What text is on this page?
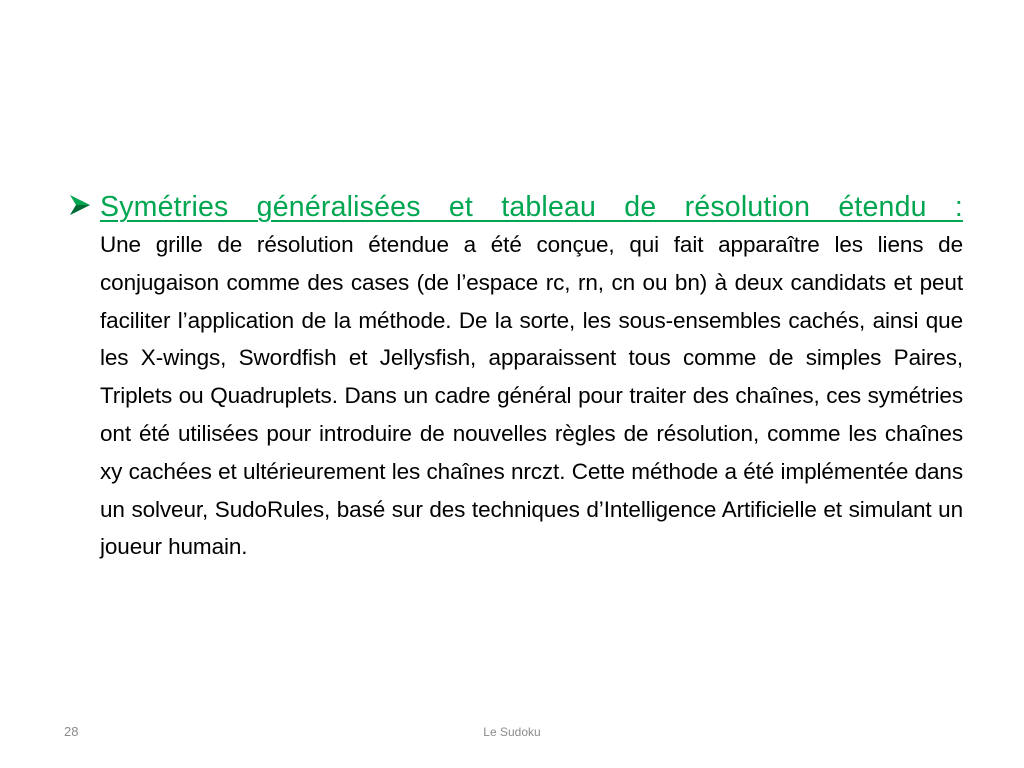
Symétries généralisées et tableau de résolution étendu :

Une grille de résolution étendue a été conçue, qui fait apparaître les liens de conjugaison comme des cases (de l’espace rc, rn, cn ou bn) à deux candidats et peut faciliter l’application de la méthode. De la sorte, les sous-ensembles cachés, ainsi que les X-wings, Swordfish et Jellysfish, apparaissent tous comme de simples Paires, Triplets ou Quadruplets. Dans un cadre général pour traiter des chaînes, ces symétries ont été utilisées pour introduire de nouvelles règles de résolution, comme les chaînes xy cachées et ultérieurement les chaînes nrczt. Cette méthode a été implémentée dans un solveur, SudoRules, basé sur des techniques d’Intelligence Artificielle et simulant un joueur humain.

28	Le Sudoku
